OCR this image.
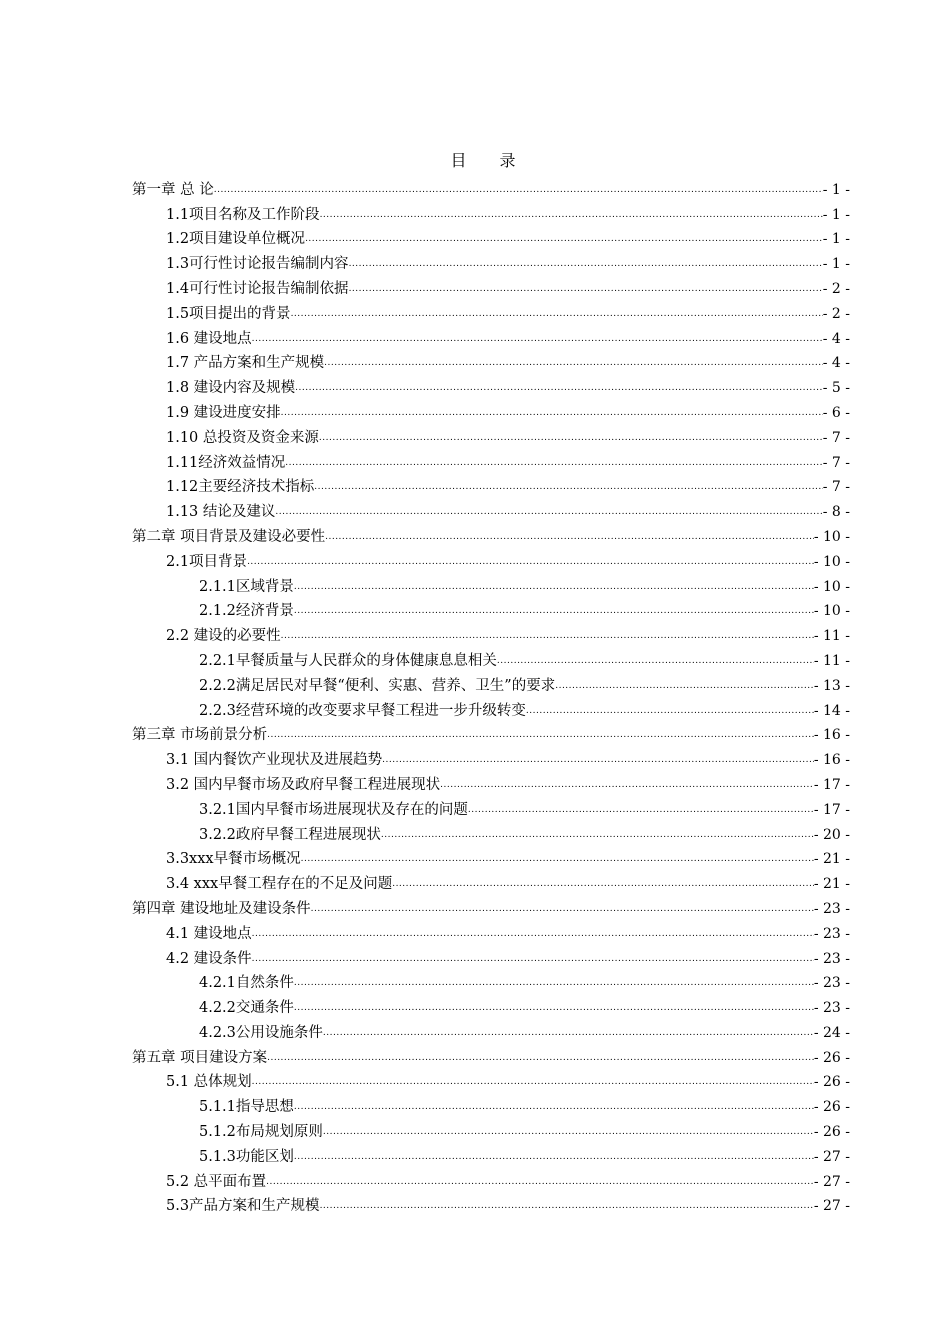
目 录
第一章 总 论 .....	- 1 -
1.1项目名称及工作阶段 .....	- 1 -
1.2项目建设单位概况 .....	- 1 -
1.3可行性讨论报告编制内容 .....	- 1 -
1.4可行性讨论报告编制依据 .....	- 2 -
1.5项目提出的背景 .....	- 2 -
1.6 建设地点 .....	- 4 -
1.7 产品方案和生产规模 .....	- 4 -
1.8 建设内容及规模 .....	- 5 -
1.9 建设进度安排 .....	- 6 -
1.10 总投资及资金来源 .....	- 7 -
1.11经济效益情况 .....	- 7 -
1.12主要经济技术指标 .....	- 7 -
1.13 结论及建议 .....	- 8 -
第二章 项目背景及建设必要性 .....	- 10 -
2.1项目背景 .....	- 10 -
2.1.1区域背景 .....	- 10 -
2.1.2经济背景 .....	- 10 -
2.2 建设的必要性 .....	- 11 -
2.2.1早餐质量与人民群众的身体健康息息相关 .....	- 11 -
2.2.2满足居民对早餐“便利、实惠、营养、卫生”的要求 .....	- 13 -
2.2.3经营环境的改变要求早餐工程进一步升级转变 .....	- 14 -
第三章 市场前景分析 .....	- 16 -
3.1 国内餐饮产业现状及进展趋势 .....	- 16 -
3.2 国内早餐市场及政府早餐工程进展现状 .....	- 17 -
3.2.1国内早餐市场进展现状及存在的问题 .....	- 17 -
3.2.2政府早餐工程进展现状 .....	- 20 -
3.3xxx早餐市场概况 .....	- 21 -
3.4 xxx早餐工程存在的不足及问题 .....	- 21 -
第四章 建设地址及建设条件 .....	- 23 -
4.1 建设地点 .....	- 23 -
4.2 建设条件 .....	- 23 -
4.2.1自然条件 .....	- 23 -
4.2.2交通条件 .....	- 23 -
4.2.3公用设施条件 .....	- 24 -
第五章 项目建设方案 .....	- 26 -
5.1 总体规划 .....	- 26 -
5.1.1指导思想 .....	- 26 -
5.1.2布局规划原则 .....	- 26 -
5.1.3功能区划 .....	- 27 -
5.2 总平面布置 .....	- 27 -
5.3产品方案和生产规模 .....	- 27 -
